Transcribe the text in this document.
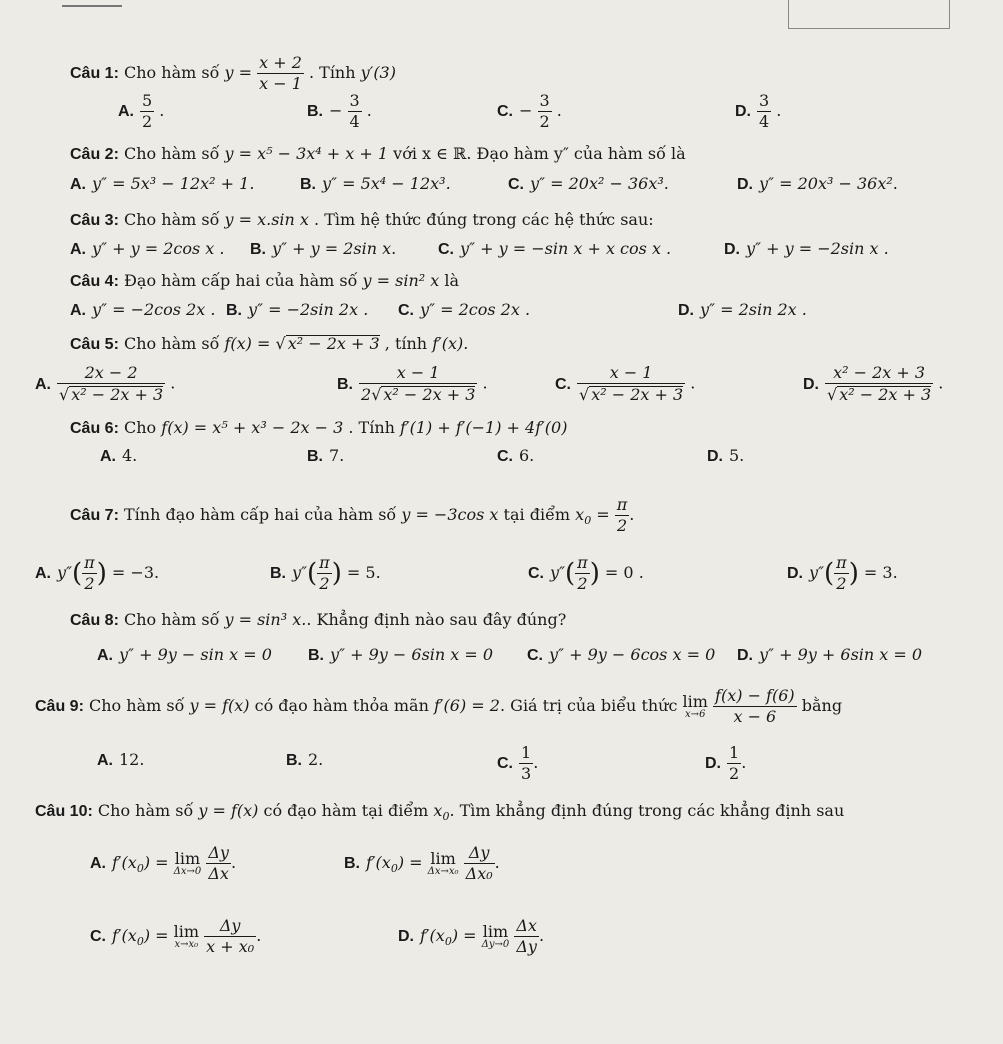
Câu 1: Cho hàm số $y = \frac{x + 2}{x - 1}$ . Tính y′(3)
A. $\frac{5}{2}$ .	B. − $\frac{3}{4}$ .	C. − $\frac{3}{2}$ .	D. $\frac{3}{4}$ .
Câu 2: Cho hàm số y = x⁵ − 3x⁴ + x + 1 với x ∈ ℝ. Đạo hàm y″ của hàm số là
A. y″ = 5x³ − 12x² + 1.	B. y″ = 5x⁴ − 12x³.	C. y″ = 20x² − 36x³.	D. y″ = 20x³ − 36x².
Câu 3: Cho hàm số y = x.sin x . Tìm hệ thức đúng trong các hệ thức sau:
A. y″ + y = 2cos x . B. y″ + y = 2sin x.	C. y″ + y = −sin x + x cos x .	D. y″ + y = −2sin x .
Câu 4: Đạo hàm cấp hai của hàm số y = sin² x là
A. y″ = −2cos 2x . B. y″ = −2sin 2x . C. y″ = 2cos 2x .	D. y″ = 2sin 2x .
Câu 5: Cho hàm số f(x) = √ x² − 2x + 3 , tính f′(x).
A. $\frac{2x - 2}{\text{√ x² − 2x + 3}}$ .	B. $\frac{x - 1}{\text{2√ x² − 2x + 3}}$ .	C. $\frac{x - 1}{\text{√ x² − 2x + 3}}$ .	D. $\frac{\text{x² − 2x + 3}}{\text{√ x² − 2x + 3}}$ .
Câu 6: Cho f(x) = x⁵ + x³ − 2x − 3 . Tính f′(1) + f′(−1) + 4f′(0)
A. 4.	B. 7.	C. 6.	D. 5.
Câu 7: Tính đạo hàm cấp hai của hàm số y = −3cos x tại điểm $x_0 = \frac{\pi}{2}$ .
A. $y''( \frac{\pi}{2}$ ) = −3.	B. $y''( \frac{\pi}{2}$ ) = 5.	C. $y''( \frac{\pi}{2}$ ) = 0 .	D. $y''( \frac{\pi}{2}$ ) = 3.
Câu 8: Cho hàm số y = sin³ x.. Khẳng định nào sau đây đúng?
A. y″ + 9y − sin x = 0 B. y″ + 9y − 6sin x = 0 C. y″ + 9y − 6cos x = 0 D. y″ + 9y + 6sin x = 0
Câu 9: Cho hàm số y = f(x) có đạo hàm thỏa mãn f′(6) = 2. Giá trị của biểu thức lim
x→6
$\frac{f(x) - f(6)}{x - 6}$ bằng
A. 12.	B. 2.	C. $\frac{1}{3}$ .	D. $\frac{1}{2}$ .
Câu 10: Cho hàm số y = f(x) có đạo hàm tại điểm $x_0$. Tìm khẳng định đúng trong các khẳng định sau
A. $f'(x_0) = \lim$
Δx→0
$\frac{\Delta y}{\Delta x}$ .	B. $f'(x_0) = \lim$
Δx→x₀
$\frac{\Delta y}{\text{Δx₀}}$ .
C. $f'(x_0) = \lim$
x→x₀
$\frac{\Delta y}{\text{x + x₀}}$ .	D. $f'(x_0) = \lim$
Δy→0
$\frac{\Delta x}{\Delta y}$ .
